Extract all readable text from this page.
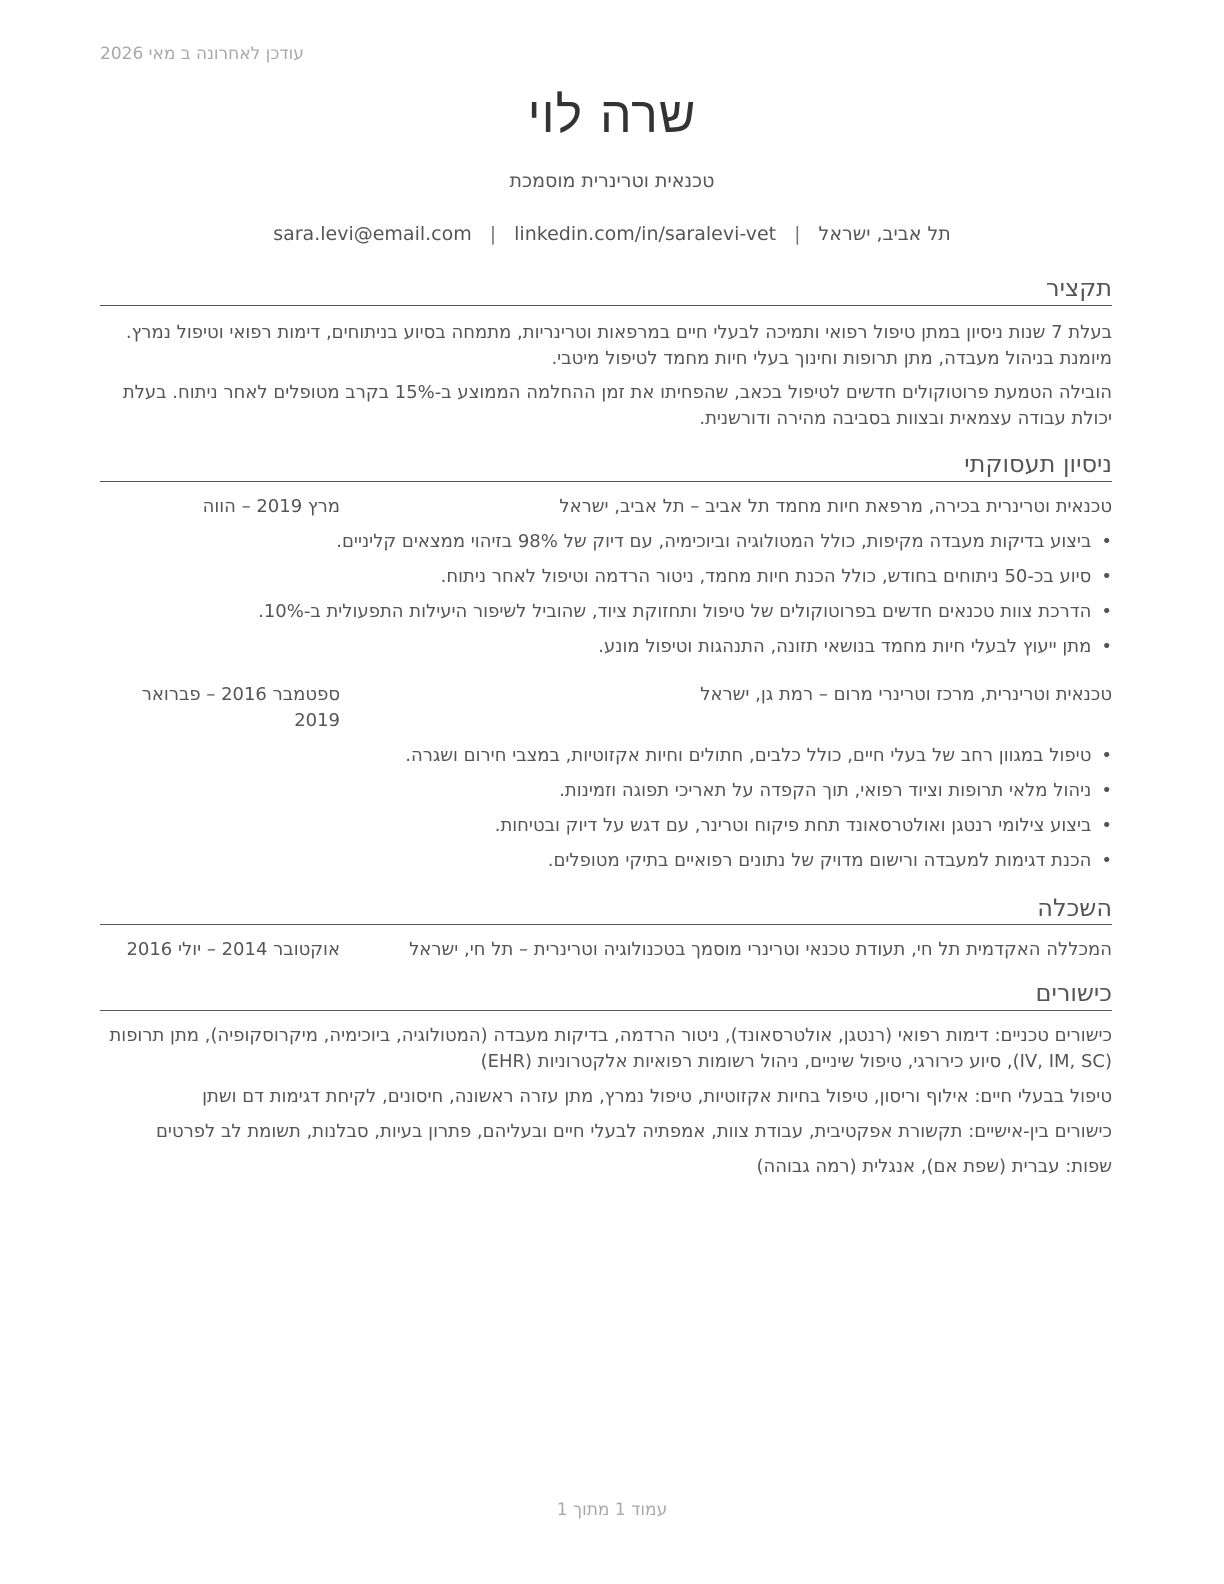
עודכן לאחרונה ב מאי 2026
שרה לוי
טכנאית וטרינרית מוסמכת
תל אביב, ישראל|sara.levi@email.com | linkedin.com/in/saralevi-vet
תקציר

בעלת 7 שנות ניסיון במתן טיפול רפואי ותמיכה לבעלי חיים במרפאות וטרינריות, מתמחה בסיוע בניתוחים, דימות רפואי וטיפול נמרץ. מיומנת בניהול מעבדה, מתן תרופות וחינוך בעלי חיות מחמד לטיפול מיטבי.

הובילה הטמעת פרוטוקולים חדשים לטיפול בכאב, שהפחיתו את זמן ההחלמה הממוצע ב-15% בקרב מטופלים לאחר ניתוח. בעלת יכולת עבודה עצמאית ובצוות בסביבה מהירה ודורשנית.

ניסיון תעסוקתי
טכנאית וטרינרית בכירה, מרפאת חיות מחמד תל אביב – תל אביב, ישראל
מרץ 2019 – הווה
• ביצוע בדיקות מעבדה מקיפות, כולל המטולוגיה וביוכימיה, עם דיוק של 98% בזיהוי ממצאים קליניים.
• סיוע בכ-50 ניתוחים בחודש, כולל הכנת חיות מחמד, ניטור הרדמה וטיפול לאחר ניתוח.
• הדרכת צוות טכנאים חדשים בפרוטוקולים של טיפול ותחזוקת ציוד, שהוביל לשיפור היעילות התפעולית ב-10%.
• מתן ייעוץ לבעלי חיות מחמד בנושאי תזונה, התנהגות וטיפול מונע.
טכנאית וטרינרית, מרכז וטרינרי מרום – רמת גן, ישראל
ספטמבר 2016 – פברואר 2019
• טיפול במגוון רחב של בעלי חיים, כולל כלבים, חתולים וחיות אקזוטיות, במצבי חירום ושגרה.
• ניהול מלאי תרופות וציוד רפואי, תוך הקפדה על תאריכי תפוגה וזמינות.
• ביצוע צילומי רנטגן ואולטרסאונד תחת פיקוח וטרינר, עם דגש על דיוק ובטיחות.
• הכנת דגימות למעבדה ורישום מדויק של נתונים רפואיים בתיקי מטופלים.
השכלה
המכללה האקדמית תל חי, תעודת טכנאי וטרינרי מוסמך בטכנולוגיה וטרינרית – תל חי, ישראל
אוקטובר 2014 – יולי 2016
כישורים

כישורים טכניים: דימות רפואי (רנטגן, אולטרסאונד), ניטור הרדמה, בדיקות מעבדה (המטולוגיה, ביוכימיה, מיקרוסקופיה), מתן תרופות (IV, IM, SC), סיוע כירורגי, טיפול שיניים, ניהול רשומות רפואיות אלקטרוניות (EHR)

טיפול בבעלי חיים: אילוף וריסון, טיפול בחיות אקזוטיות, טיפול נמרץ, מתן עזרה ראשונה, חיסונים, לקיחת דגימות דם ושתן

כישורים בין-אישיים: תקשורת אפקטיבית, עבודת צוות, אמפתיה לבעלי חיים ובעליהם, פתרון בעיות, סבלנות, תשומת לב לפרטים

שפות: עברית (שפת אם), אנגלית (רמה גבוהה)

עמוד 1 מתוך 1
